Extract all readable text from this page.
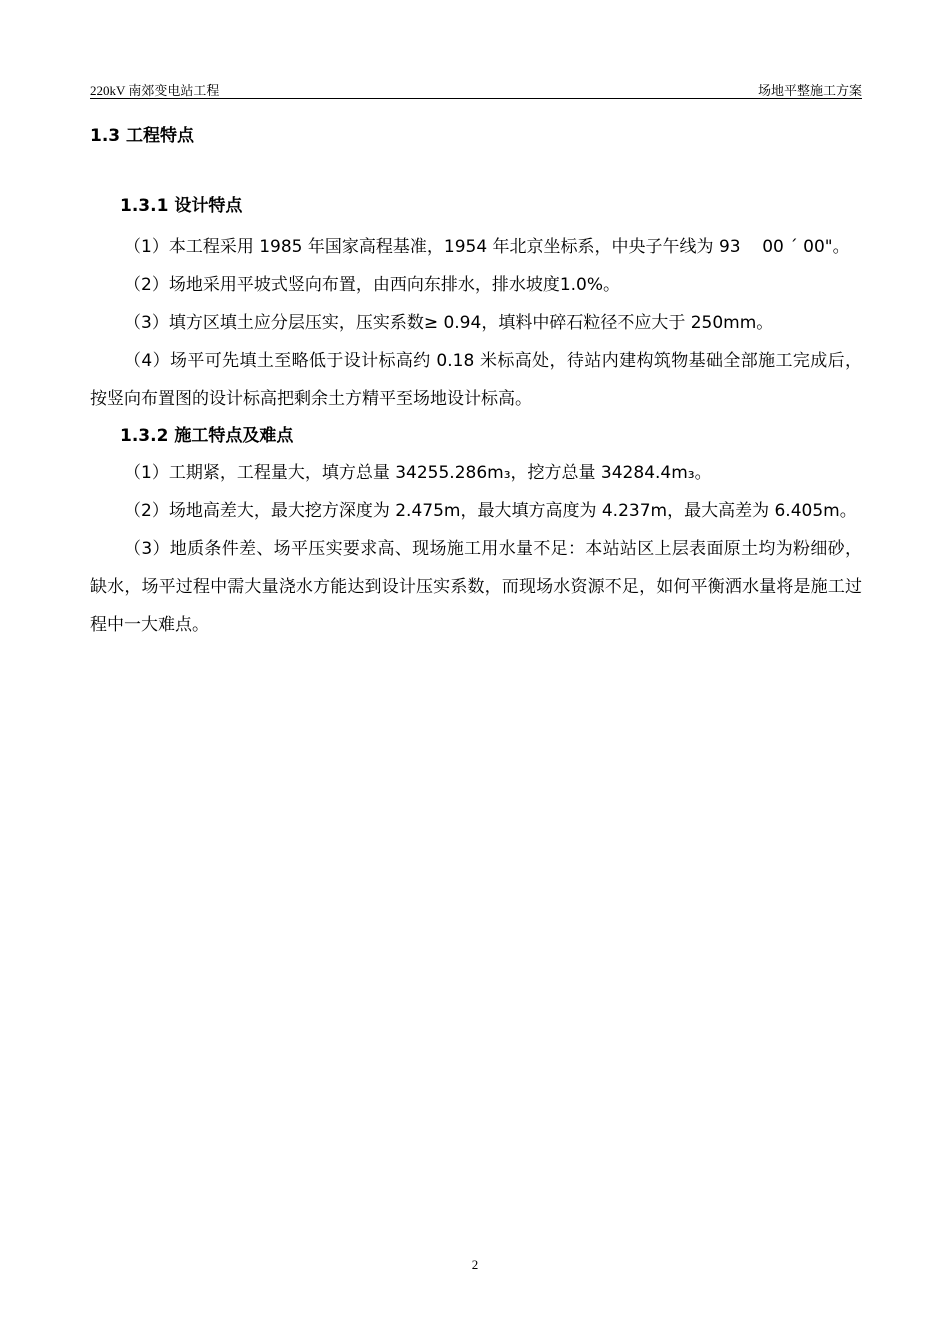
220kV 南郊变电站工程	场地平整施工方案
1.3 工程特点
1.3.1 设计特点

（1）本工程采用 1985 年国家高程基准，1954 年北京坐标系，中央子午线为 93    00 ´ 00"。

（2）场地采用平坡式竖向布置，由西向东排水，排水坡度1.0%。

（3）填方区填土应分层压实，压实系数≥ 0.94，填料中碎石粒径不应大于 250mm。

（4）场平可先填土至略低于设计标高约 0.18 米标高处，待站内建构筑物基础全部施工完成后，按竖向布置图的设计标高把剩余土方精平至场地设计标高。

1.3.2 施工特点及难点

（1）工期紧，工程量大，填方总量 34255.286m₃，挖方总量 34284.4m₃。

（2）场地高差大，最大挖方深度为 2.475m，最大填方高度为 4.237m，最大高差为 6.405m。

（3）地质条件差、场平压实要求高、现场施工用水量不足：本站站区上层表面原土均为粉细砂，缺水，场平过程中需大量浇水方能达到设计压实系数，而现场水资源不足，如何平衡洒水量将是施工过程中一大难点。

2
